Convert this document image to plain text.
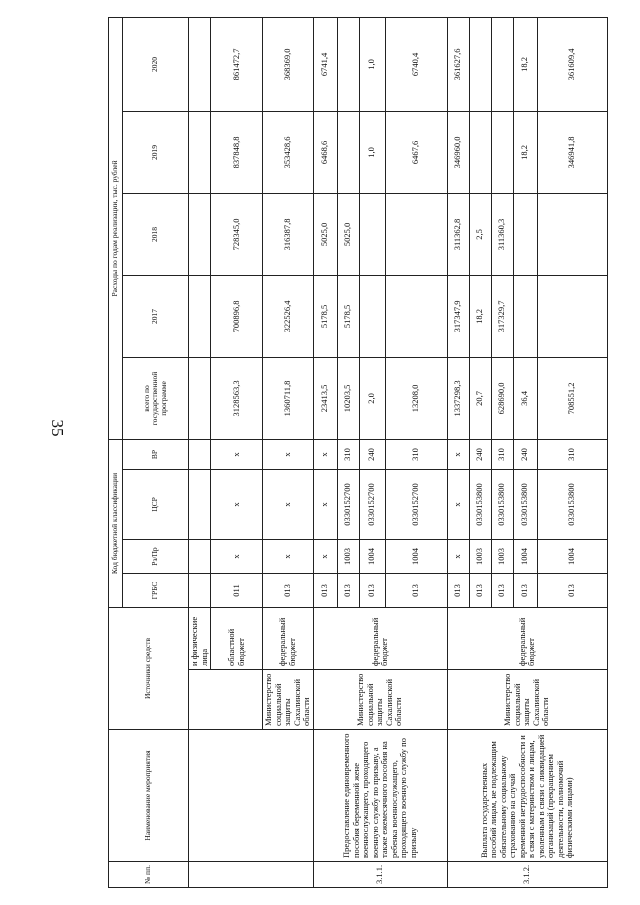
35
№ пп.	Наименование мероприятия	Источники средств		Код бюджетной классификации				Расходы по годам реализации, тыс. рублей				
				ГРБС	Рз/Пр	ЦСР	ВР	всего по государственной программе	2017	2018	2019	2020
			и физические лица									
			областной бюджет	011	x	x	x	3128563,3	700896,8	728345,0	837848,8	861472,7
		Министерство социальной защиты Сахалинской области	федеральный бюджет	013	x	x	x	1360711,8	322526,4	316387,8	353428,6	368369,0
3.1.1.	Предоставление единовременного пособия беременной жене военнослужащего, проходящего военную службу по призыву, а также ежемесячного пособия на ребенка военнослужащего, проходящего военную службу по призыву	Министерство социальной защиты Сахалинской области	федеральный бюджет	013	x	x	x	23413,5	5178,5	5025,0	6468,6	6741,4
				013	1003	0330152700	310	10203,5	5178,5	5025,0		
				013	1004	0330152700	240	2,0			1,0	1,0
				013	1004	0330152700	310	13208,0			6467,6	6740,4
3.1.2.	Выплата государственных пособий лицам, не подлежащим обязательному социальному страхованию на случай временной нетрудоспособности и в связи с материнством и лицам, уволенным в связи с ликвидацией организаций (прекращением деятельности, полномочий физическими лицами)	Министерство социальной защиты Сахалинской области	федеральный бюджет	013	x	x	x	1337298,3	317347,9	311362,8	346960,0	361627,6
				013	1003	0330153800	240	20,7	18,2	2,5		
				013	1003	0330153800	310	628690,0	317329,7	311360,3		
				013	1004	0330153800	240	36,4			18,2	18,2
				013	1004	0330153800	310	708551,2			346941,8	361609,4
